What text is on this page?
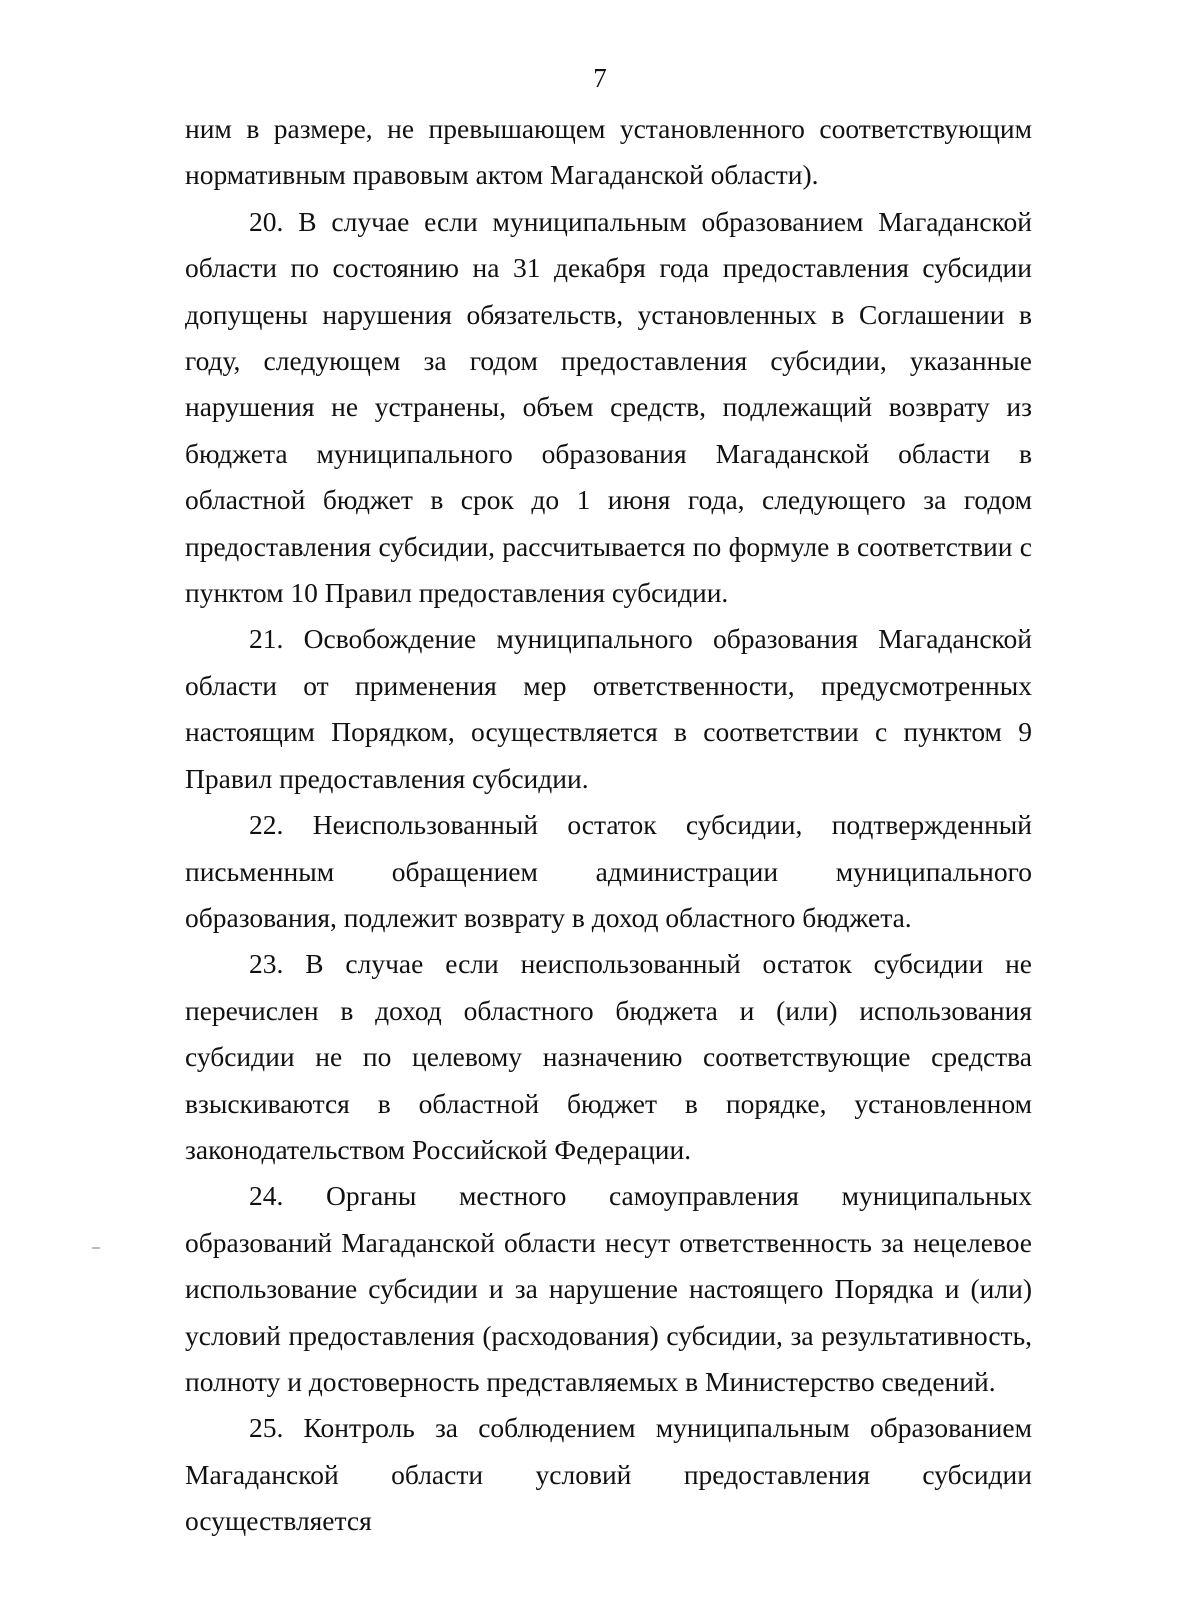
7

ним в размере, не превышающем установленного соответствующим нормативным правовым актом Магаданской области).

20. В случае если муниципальным образованием Магаданской области по состоянию на 31 декабря года предоставления субсидии допущены нарушения обязательств, установленных в Соглашении в году, следующем за годом предоставления субсидии, указанные нарушения не устранены, объем средств, подлежащий возврату из бюджета муниципального образования Магаданской области в областной бюджет в срок до 1 июня года, следующего за годом предоставления субсидии, рассчитывается по формуле в соответствии с пунктом 10 Правил предоставления субсидии.

21. Освобождение муниципального образования Магаданской области от применения мер ответственности, предусмотренных настоящим Порядком, осуществляется в соответствии с пунктом 9 Правил предоставления субсидии.

22. Неиспользованный остаток субсидии, подтвержденный письменным обращением администрации муниципального образования, подлежит возврату в доход областного бюджета.

23. В случае если неиспользованный остаток субсидии не перечислен в доход областного бюджета и (или) использования субсидии не по целевому назначению соответствующие средства взыскиваются в областной бюджет в порядке, установленном законодательством Российской Федерации.

24. Органы местного самоуправления муниципальных образований Магаданской области несут ответственность за нецелевое использование субсидии и за нарушение настоящего Порядка и (или) условий предоставления (расходования) субсидии, за результативность, полноту и достоверность представляемых в Министерство сведений.

25. Контроль за соблюдением муниципальным образованием Магаданской области условий предоставления субсидии осуществляется
